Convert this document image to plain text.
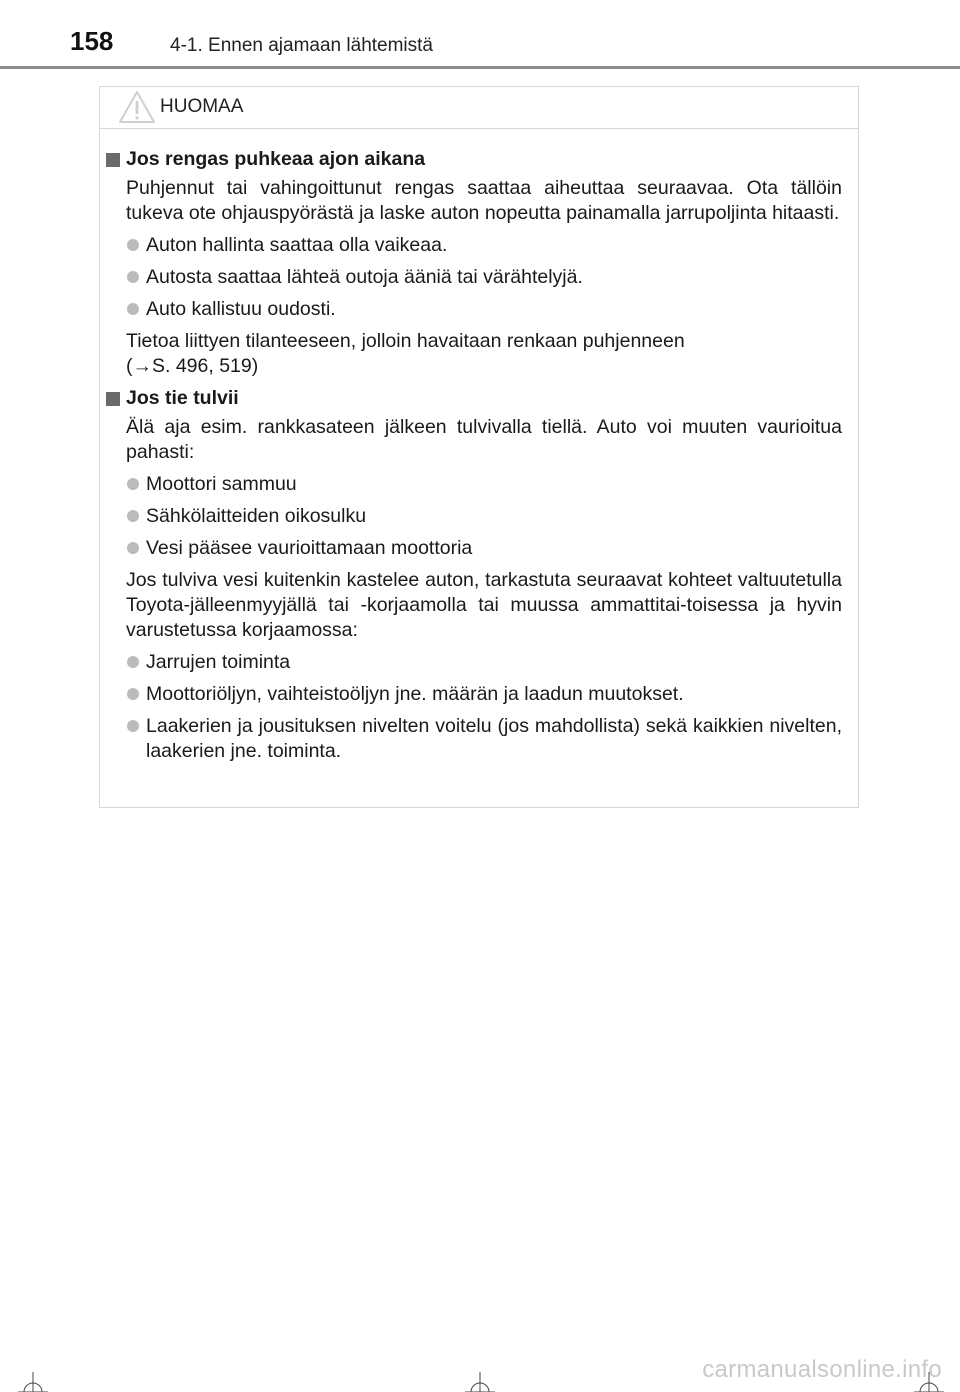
158	4-1. Ennen ajamaan lähtemistä
HUOMAA
Jos rengas puhkeaa ajon aikana
Puhjennut tai vahingoittunut rengas saattaa aiheuttaa seuraavaa. Ota tällöin tukeva ote ohjauspyörästä ja laske auton nopeutta painamalla jarrupoljinta hitaasti.
Auton hallinta saattaa olla vaikeaa.
Autosta saattaa lähteä outoja ääniä tai värähtelyjä.
Auto kallistuu oudosti.
Tietoa liittyen tilanteeseen, jolloin havaitaan renkaan puhjenneen
(→S. 496, 519)
Jos tie tulvii
Älä aja esim. rankkasateen jälkeen tulvivalla tiellä. Auto voi muuten vaurioitua pahasti:
Moottori sammuu
Sähkölaitteiden oikosulku
Vesi pääsee vaurioittamaan moottoria
Jos tulviva vesi kuitenkin kastelee auton, tarkastuta seuraavat kohteet valtuutetulla Toyota-jälleenmyyjällä tai -korjaamolla tai muussa ammattitai-toisessa ja hyvin varustetussa korjaamossa:
Jarrujen toiminta
Moottoriöljyn, vaihteistoöljyn jne. määrän ja laadun muutokset.
Laakerien ja jousituksen nivelten voitelu (jos mahdollista) sekä kaikkien nivelten, laakerien jne. toiminta.
carmanualsonline.info
